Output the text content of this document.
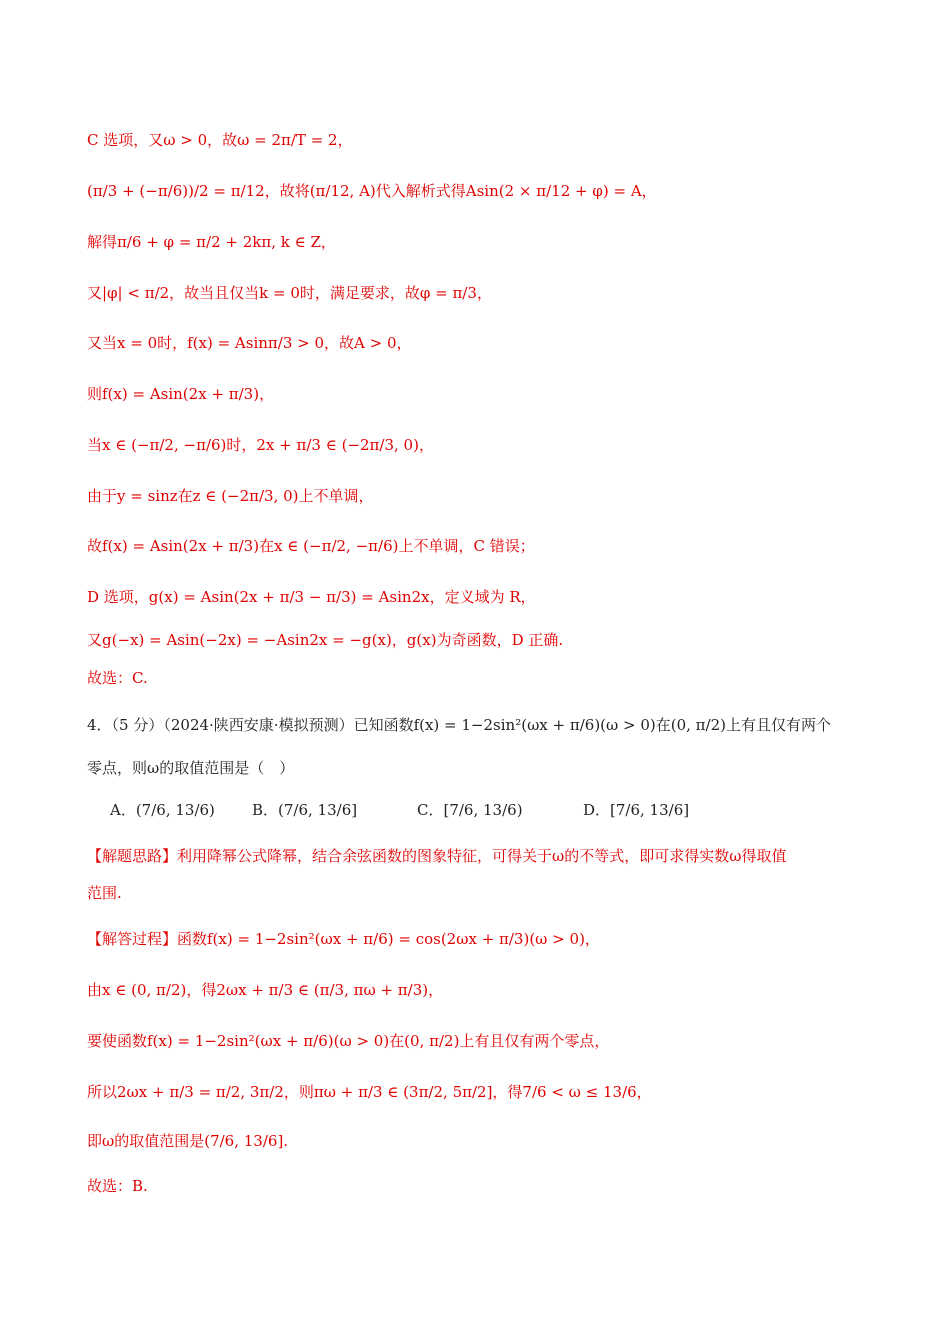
C 选项，又ω > 0，故ω = 2π/T = 2，
(π/3 + (−π/6))/2 = π/12，故将(π/12, A)代入解析式得Asin(2 × π/12 + φ) = A，
解得π/6 + φ = π/2 + 2kπ, k ∈ Z，
又|φ| < π/2，故当且仅当k = 0时，满足要求，故φ = π/3，
又当x = 0时，f(x) = Asinπ/3 > 0，故A > 0，
则f(x) = Asin(2x + π/3)，
当x ∈ (−π/2, −π/6)时，2x + π/3 ∈ (−2π/3, 0)，
由于y = sinz在z ∈ (−2π/3, 0)上不单调，
故f(x) = Asin(2x + π/3)在x ∈ (−π/2, −π/6)上不单调，C 错误；
D 选项，g(x) = Asin(2x + π/3 − π/3) = Asin2x，定义域为 R，
又g(−x) = Asin(−2x) = −Asin2x = −g(x)，g(x)为奇函数，D 正确.
故选：C.
4．（5 分）（2024·陕西安康·模拟预测）已知函数f(x) = 1−2sin²(ωx + π/6)(ω > 0)在(0, π/2)上有且仅有两个
零点，则ω的取值范围是（　）
A．(7/6, 13/6) B．(7/6, 13/6]	C．[7/6, 13/6)	D．[7/6, 13/6]
【解题思路】利用降幂公式降幂，结合余弦函数的图象特征，可得关于ω的不等式，即可求得实数ω得取值
范围.
【解答过程】函数f(x) = 1−2sin²(ωx + π/6) = cos(2ωx + π/3)(ω > 0)，
由x ∈ (0, π/2)，得2ωx + π/3 ∈ (π/3, πω + π/3)，
要使函数f(x) = 1−2sin²(ωx + π/6)(ω > 0)在(0, π/2)上有且仅有两个零点，
所以2ωx + π/3 = π/2, 3π/2，则πω + π/3 ∈ (3π/2, 5π/2]，得7/6 < ω ≤ 13/6，
即ω的取值范围是(7/6, 13/6].
故选：B.
